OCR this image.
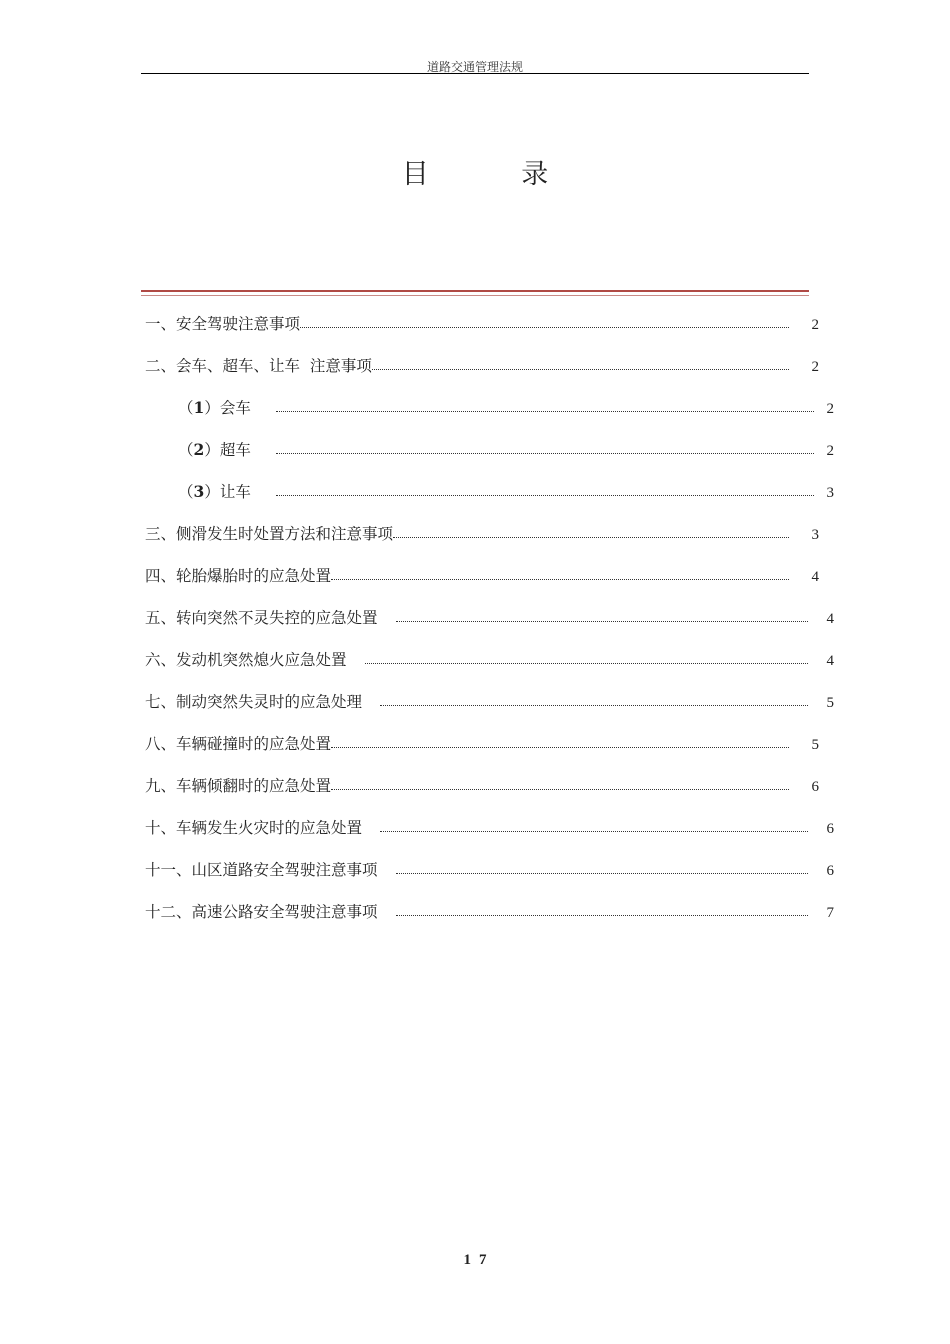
道路交通管理法规
目 录
一、安全驾驶注意事项	2
二、会车、超车、让车  注意事项	2
（1）会车	2
（2）超车	2
（3）让车	3
三、侧滑发生时处置方法和注意事项	3
四、轮胎爆胎时的应急处置	4
五、转向突然不灵失控的应急处置	4
六、发动机突然熄火应急处置	4
七、制动突然失灵时的应急处理	5
八、车辆碰撞时的应急处置	5
九、车辆倾翻时的应急处置	6
十、车辆发生火灾时的应急处置	6
十一、山区道路安全驾驶注意事项	6
十二、高速公路安全驾驶注意事项	7
17
